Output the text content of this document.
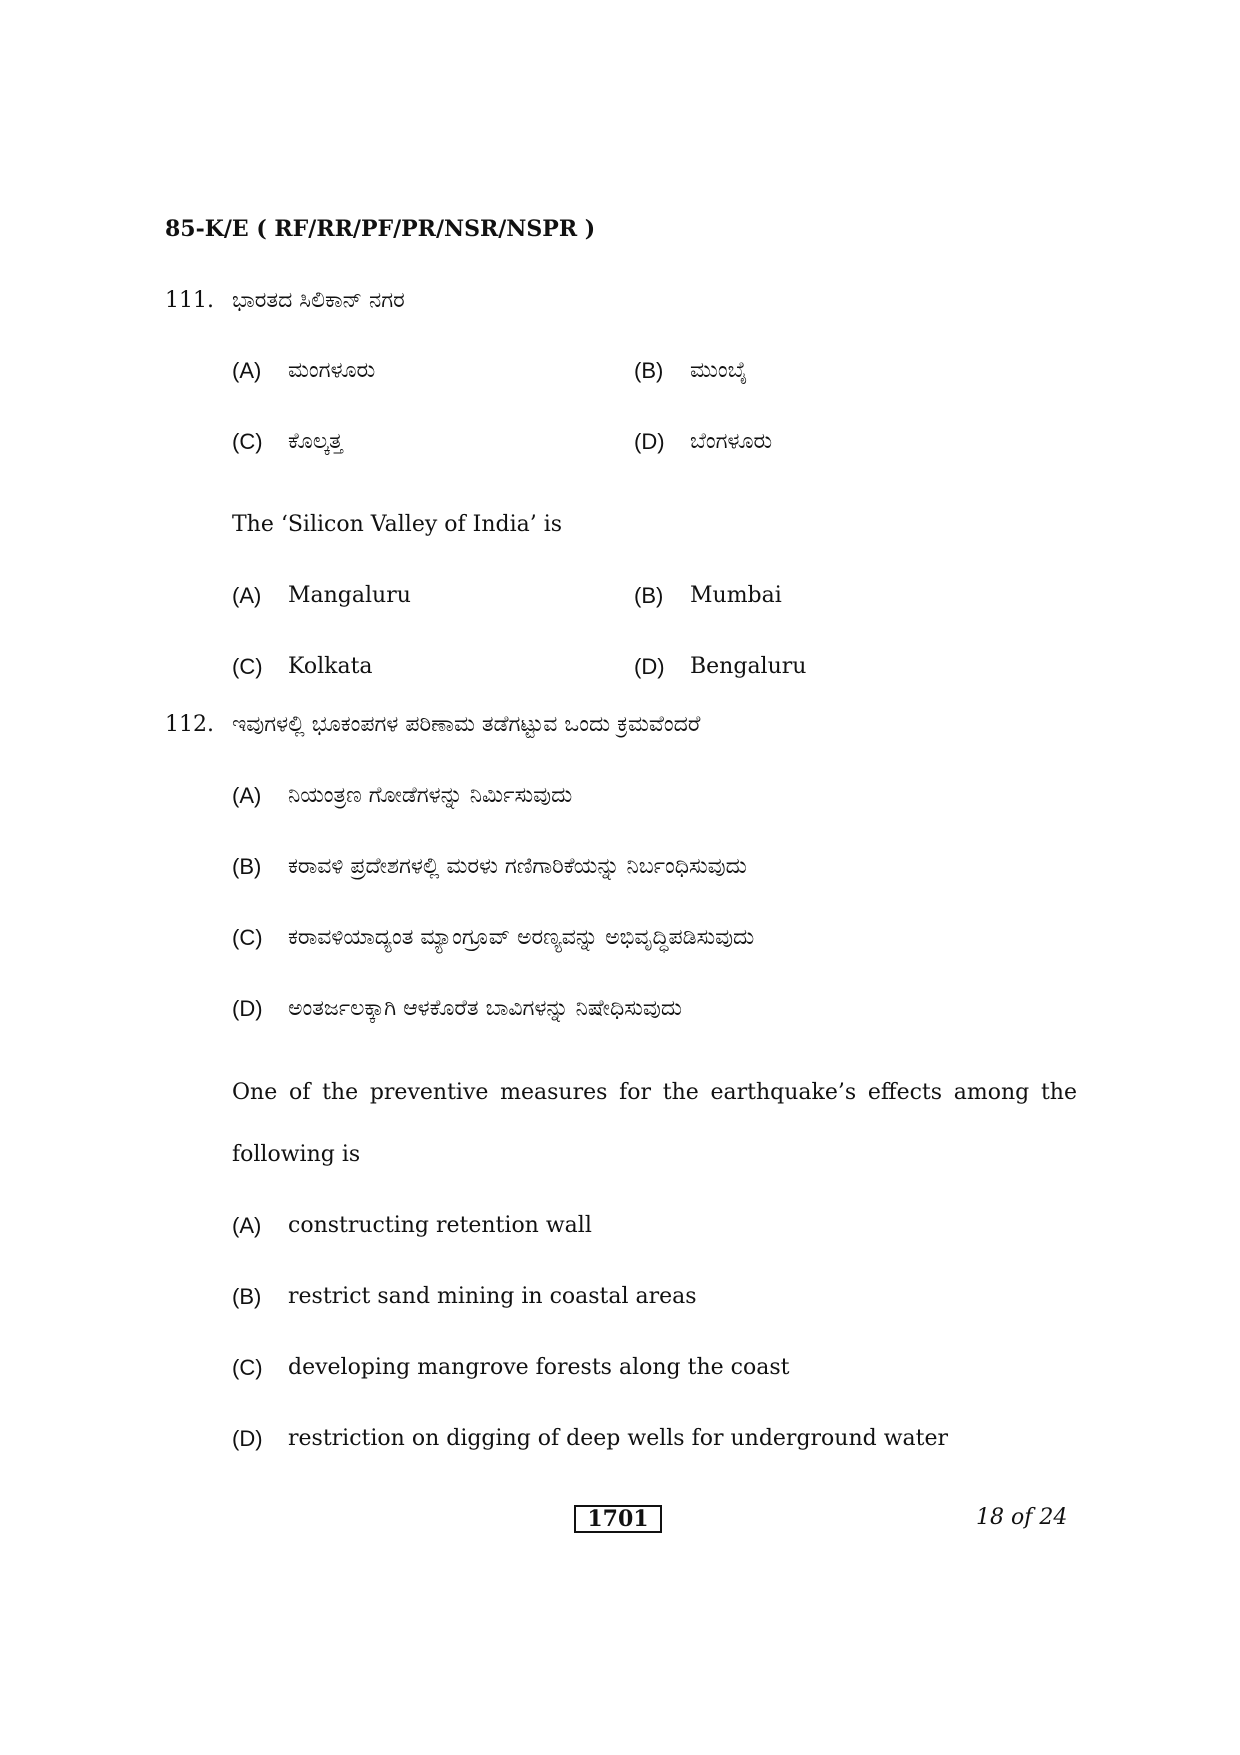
85-K/E ( RF/RR/PF/PR/NSR/NSPR )
111. ಭಾರತದ ಸಿಲಿಕಾನ್ ನಗರ
(A) ಮಂಗಳೂರು	(B) ಮುಂಬೈ
(C) ಕೊಲ್ಕತ್ತ	(D) ಬೆಂಗಳೂರು
The ‘Silicon Valley of India’ is
(A) Mangaluru	(B) Mumbai
(C) Kolkata	(D) Bengaluru
112. ಇವುಗಳಲ್ಲಿ ಭೂಕಂಪಗಳ ಪರಿಣಾಮ ತಡೆಗಟ್ಟುವ ಒಂದು ಕ್ರಮವೆಂದರೆ
(A) ನಿಯಂತ್ರಣ ಗೋಡೆಗಳನ್ನು ನಿರ್ಮಿಸುವುದು
(B) ಕರಾವಳಿ ಪ್ರದೇಶಗಳಲ್ಲಿ ಮರಳು ಗಣಿಗಾರಿಕೆಯನ್ನು ನಿರ್ಬಂಧಿಸುವುದು
(C) ಕರಾವಳಿಯಾದ್ಯಂತ ಮ್ಯಾಂಗ್ರೂವ್ ಅರಣ್ಯವನ್ನು ಅಭಿವೃದ್ಧಿಪಡಿಸುವುದು
(D) ಅಂತರ್ಜಲಕ್ಕಾಗಿ ಆಳಕೊರೆತ ಬಾವಿಗಳನ್ನು ನಿಷೇಧಿಸುವುದು
One of the preventive measures for the earthquake’s effects among the
following is
(A) constructing retention wall
(B) restrict sand mining in coastal areas
(C) developing mangrove forests along the coast
(D) restriction on digging of deep wells for underground water
1701	18 of 24
